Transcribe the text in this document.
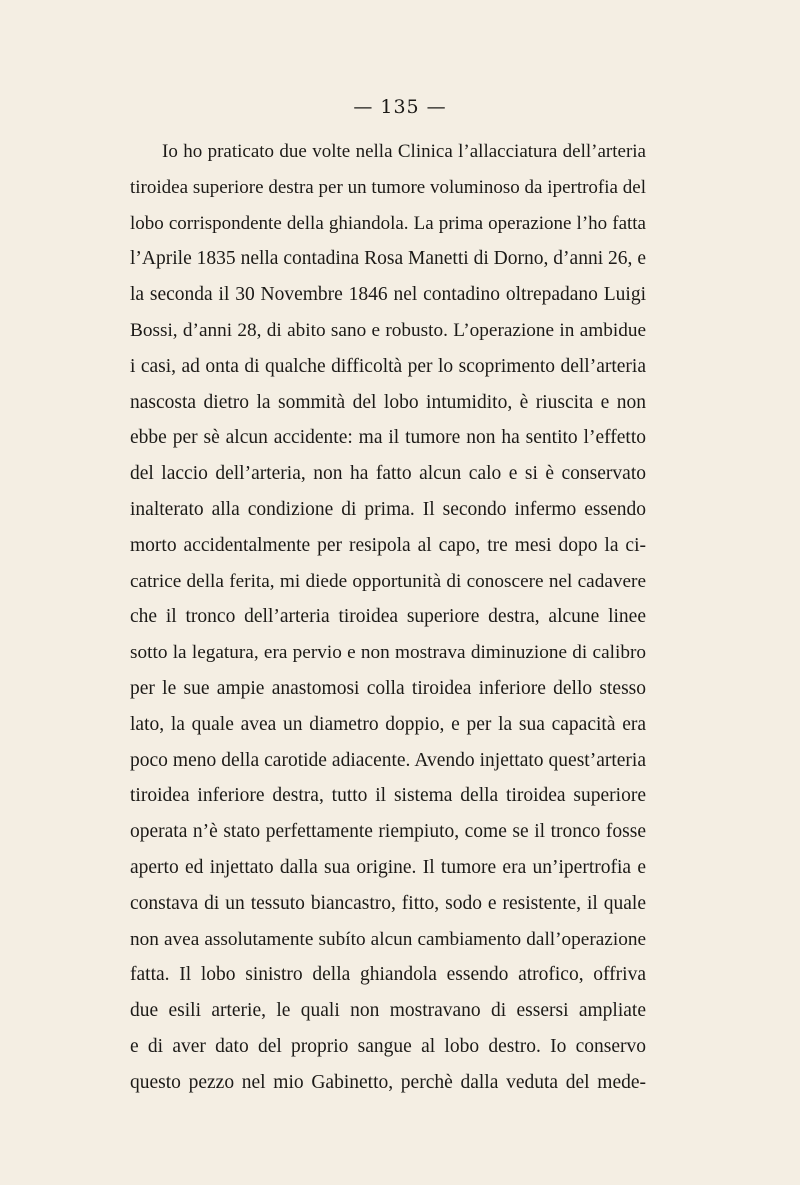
— 135 —
Io ho praticato due volte nella Clinica l’allacciatura dell’arteria
tiroidea superiore destra per un tumore voluminoso da ipertrofia del
lobo corrispondente della ghiandola. La prima operazione l’ho fatta
l’Aprile 1835 nella contadina Rosa Manetti di Dorno, d’anni 26, e
la seconda il 30 Novembre 1846 nel contadino oltrepadano Luigi
Bossi, d’anni 28, di abito sano e robusto. L’operazione in ambidue
i casi, ad onta di qualche difficoltà per lo scoprimento dell’arteria
nascosta dietro la sommità del lobo intumidito, è riuscita e non
ebbe per sè alcun accidente: ma il tumore non ha sentito l’effetto
del laccio dell’arteria, non ha fatto alcun calo e si è conservato
inalterato alla condizione di prima. Il secondo infermo essendo
morto accidentalmente per resipola al capo, tre mesi dopo la ci-
catrice della ferita, mi diede opportunità di conoscere nel cadavere
che il tronco dell’arteria tiroidea superiore destra, alcune linee
sotto la legatura, era pervio e non mostrava diminuzione di calibro
per le sue ampie anastomosi colla tiroidea inferiore dello stesso
lato, la quale avea un diametro doppio, e per la sua capacità era
poco meno della carotide adiacente. Avendo injettato quest’arteria
tiroidea inferiore destra, tutto il sistema della tiroidea superiore
operata n’è stato perfettamente riempiuto, come se il tronco fosse
aperto ed injettato dalla sua origine. Il tumore era un’ipertrofia e
constava di un tessuto biancastro, fitto, sodo e resistente, il quale
non avea assolutamente subíto alcun cambiamento dall’operazione
fatta. Il lobo sinistro della ghiandola essendo atrofico, offriva
due esili arterie, le quali non mostravano di essersi ampliate
e di aver dato del proprio sangue al lobo destro. Io conservo
questo pezzo nel mio Gabinetto, perchè dalla veduta del mede-
